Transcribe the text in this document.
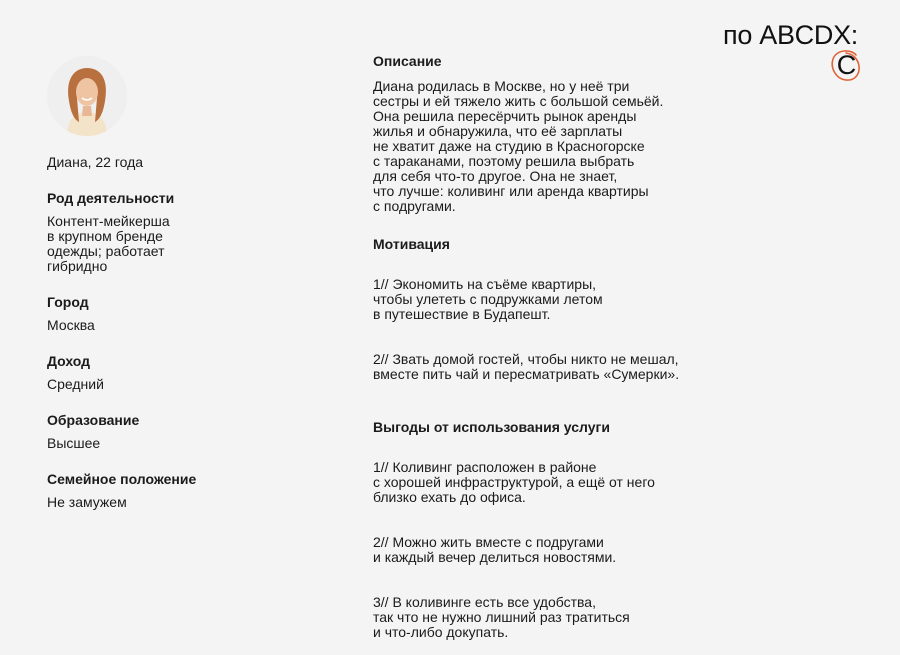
по ABCDX:
С
Диана, 22 года
Род деятельности
Контент-мейкерша
в крупном бренде
одежды; работает
гибридно
Город
Москва
Доход
Средний
Образование
Высшее
Семейное положение
Не замужем
Описание
Диана родилась в Москве, но у неё три
сестры и ей тяжело жить с большой семьёй.
Она решила пересёрчить рынок аренды
жилья и обнаружила, что её зарплаты
не хватит даже на студию в Красногорске
с тараканами, поэтому решила выбрать
для себя что-то другое. Она не знает,
что лучше: коливинг или аренда квартиры
с подругами.
Мотивация

1// Экономить на съёме квартиры,
чтобы улететь с подружками летом
в путешествие в Будапешт.

2// Звать домой гостей, чтобы никто не мешал,
вместе пить чай и пересматривать «Сумерки».

Выгоды от использования услуги

1// Коливинг расположен в районе
с хорошей инфраструктурой, а ещё от него
близко ехать до офиса.

2// Можно жить вместе с подругами
и каждый вечер делиться новостями.

3// В коливинге есть все удобства,
так что не нужно лишний раз тратиться
и что-либо докупать.
